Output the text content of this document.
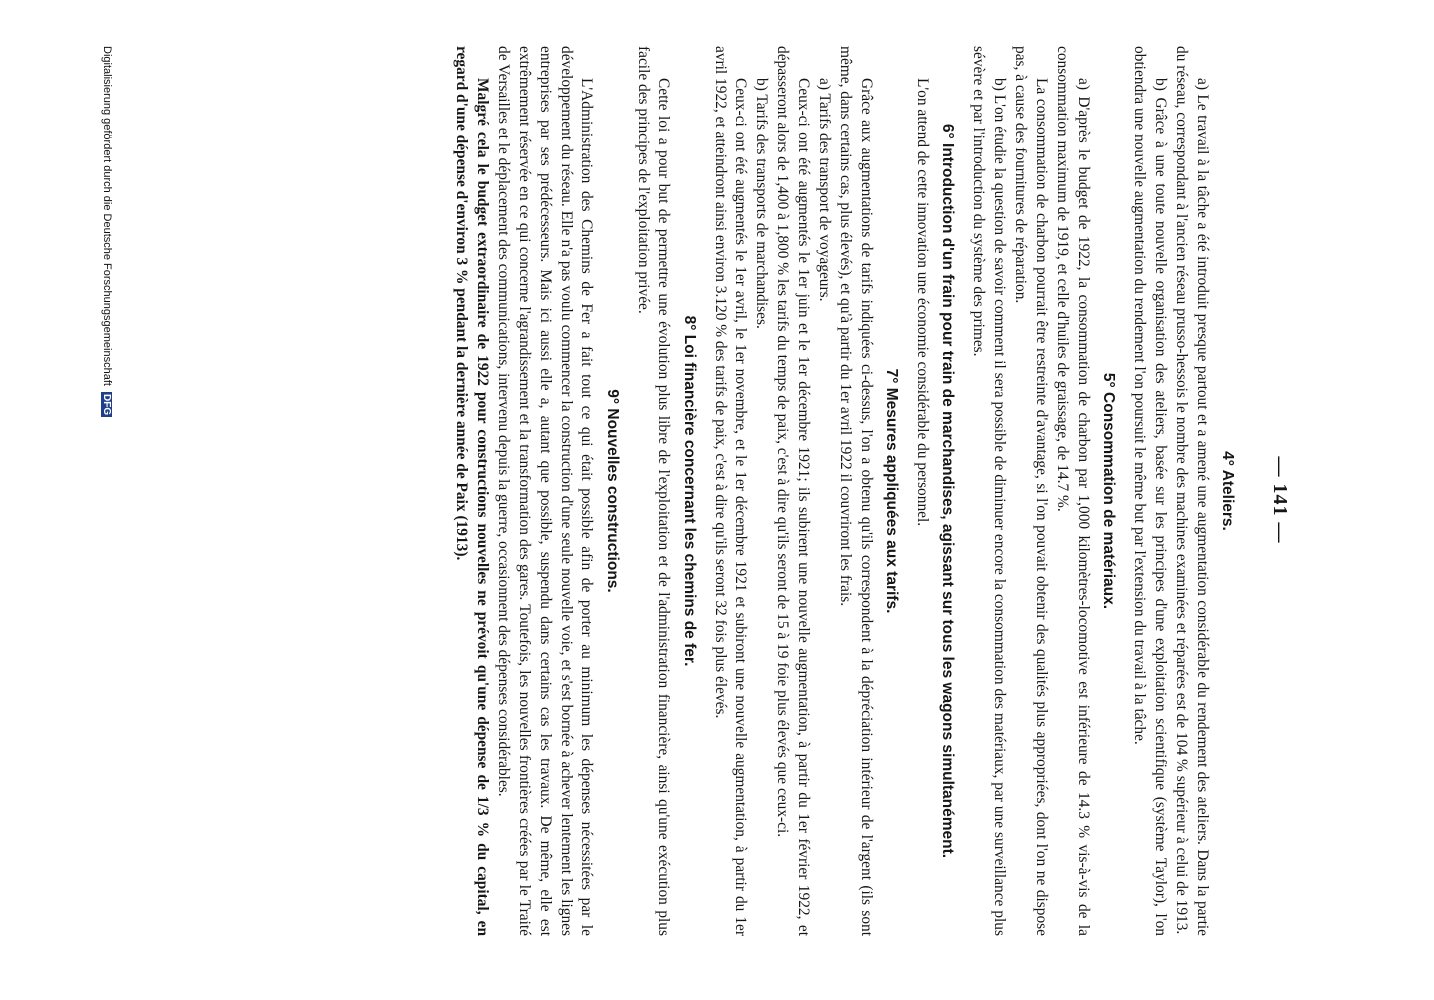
— 141 —
4° Ateliers.

a) Le travail à la tâche a été introduit presque partout et a amené une augmentation considérable du rendement des ateliers. Dans la partie du réseau, correspondant à l'ancien réseau prusso-hessois le nombre des machines examinées et réparées est de 104 % supérieur à celui de 1913.

b) Grâce à une toute nouvelle organisation des ateliers, basée sur les principes d'une exploitation scientifique (système Taylor), l'on obtiendra une nouvelle augmentation du rendement l'on poursuit le même but par l'extension du travail à la tâche.

5° Consommation de matériaux.

a) D'après le budget de 1922, la consommation de charbon par 1,000 kilomètres-locomotive est inférieure de 14.3 % vis-à-vis de la consommation maximum de 1919, et celle d'huiles de graissage, de 14.7 %.

La consommation de charbon pourrait être restreinte d'avantage, si l'on pouvait obtenir des qualités plus appropriées, dont l'on ne dispose pas, à cause des fournitures de réparation.

b) L'on étudie la question de savoir comment il sera possible de diminuer encore la consommation des matériaux, par une surveillance plus sévère et par l'introduction du système des primes.

6° Introduction d'un frain pour train de marchandises, agissant sur tous les wagons simultanément.

L'on attend de cette innovation une économie considérable du personnel.

7° Mesures appliquées aux tarifs.

Grâce aux augmentations de tarifs indiquées ci-dessus, l'on a obtenu qu'ils correspondent à la dépréciation intérieur de l'argent (ils sont même, dans certains cas, plus élevés), et qu'à partir du 1er avril 1922 il couvriront les frais.

a) Tarifs des transport de voyageurs.

Ceux-ci ont été augmentés le 1er juin et le 1er décembre 1921; ils subirent une nouvelle augmentation, à partir du 1er février 1922, et dépasseront alors de 1,400 à 1,800 % les tarifs du temps de paix, c'est à dire qu'ils seront de 15 à 19 foie plus élevés que ceux-ci.

b) Tarifs des transports de marchandises.

Ceux-ci ont été augmentés le 1er avril, le 1er novembre, et le 1er décembre 1921 et subiront une nouvelle augmentation, à partir du 1er avril 1922, et atteindront ainsi environ 3.120 % des tarifs de paix, c'est à dire qu'ils seront 32 fois plus élevés.

8° Loi financière concernant les chemins de fer.

Cette loi a pour but de permettre une évolution plus libre de l'exploitation et de l'administration financière, ainsi qu'une exécution plus facile des principes de l'exploitation privée.

9° Nouvelles constructions.

L'Administration des Chemins de Fer a fait tout ce qui était possible afin de porter au minimum les dépenses nécessitées par le développement du réseau. Elle n'a pas voulu commencer la construction d'une seule nouvelle voie, et s'est bornée à achever lentement les lignes entreprises par ses prédécesseurs. Mais ici aussi elle a, autant que possible, suspendu dans certains cas les travaux. De même, elle est extrêmement réservée en ce qui concerne l'agrandissement et la transformation des gares. Toutefois, les nouvelles frontières créées par le Traité de Versailles et le déplacement des communications, intervenu depuis la guerre, occasionnent des dépenses considérables.

Malgré cela le budget extraordinaire de 1922 pour constructions nouvelles ne prévoit qu'une dépense de 1/3 % du capital, en regard d'une dépense d'environ 3 % pendant la dernière année de Paix (1913).

Digitalisierung gefördert durch die Deutsche Forschungsgemeinschaft DFG
